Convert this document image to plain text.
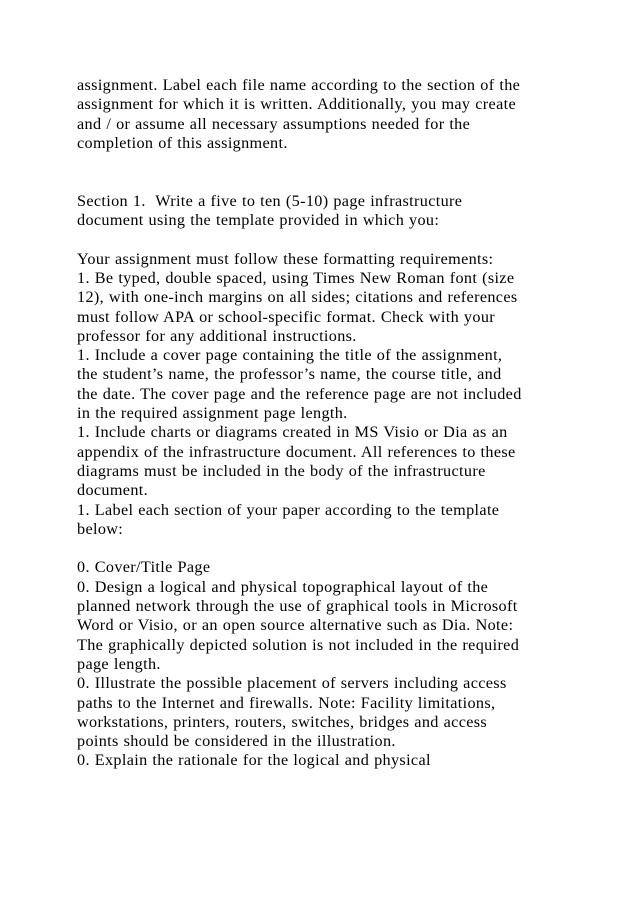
assignment. Label each file name according to the section of the
assignment for which it is written. Additionally, you may create
and / or assume all necessary assumptions needed for the
completion of this assignment.
Section 1.  Write a five to ten (5-10) page infrastructure
document using the template provided in which you:
Your assignment must follow these formatting requirements:
1. Be typed, double spaced, using Times New Roman font (size
12), with one-inch margins on all sides; citations and references
must follow APA or school-specific format. Check with your
professor for any additional instructions.
1. Include a cover page containing the title of the assignment,
the student’s name, the professor’s name, the course title, and
the date. The cover page and the reference page are not included
in the required assignment page length.
1. Include charts or diagrams created in MS Visio or Dia as an
appendix of the infrastructure document. All references to these
diagrams must be included in the body of the infrastructure
document.
1. Label each section of your paper according to the template
below:
0. Cover/Title Page
0. Design a logical and physical topographical layout of the
planned network through the use of graphical tools in Microsoft
Word or Visio, or an open source alternative such as Dia. Note:
The graphically depicted solution is not included in the required
page length.
0. Illustrate the possible placement of servers including access
paths to the Internet and firewalls. Note: Facility limitations,
workstations, printers, routers, switches, bridges and access
points should be considered in the illustration.
0. Explain the rationale for the logical and physical
